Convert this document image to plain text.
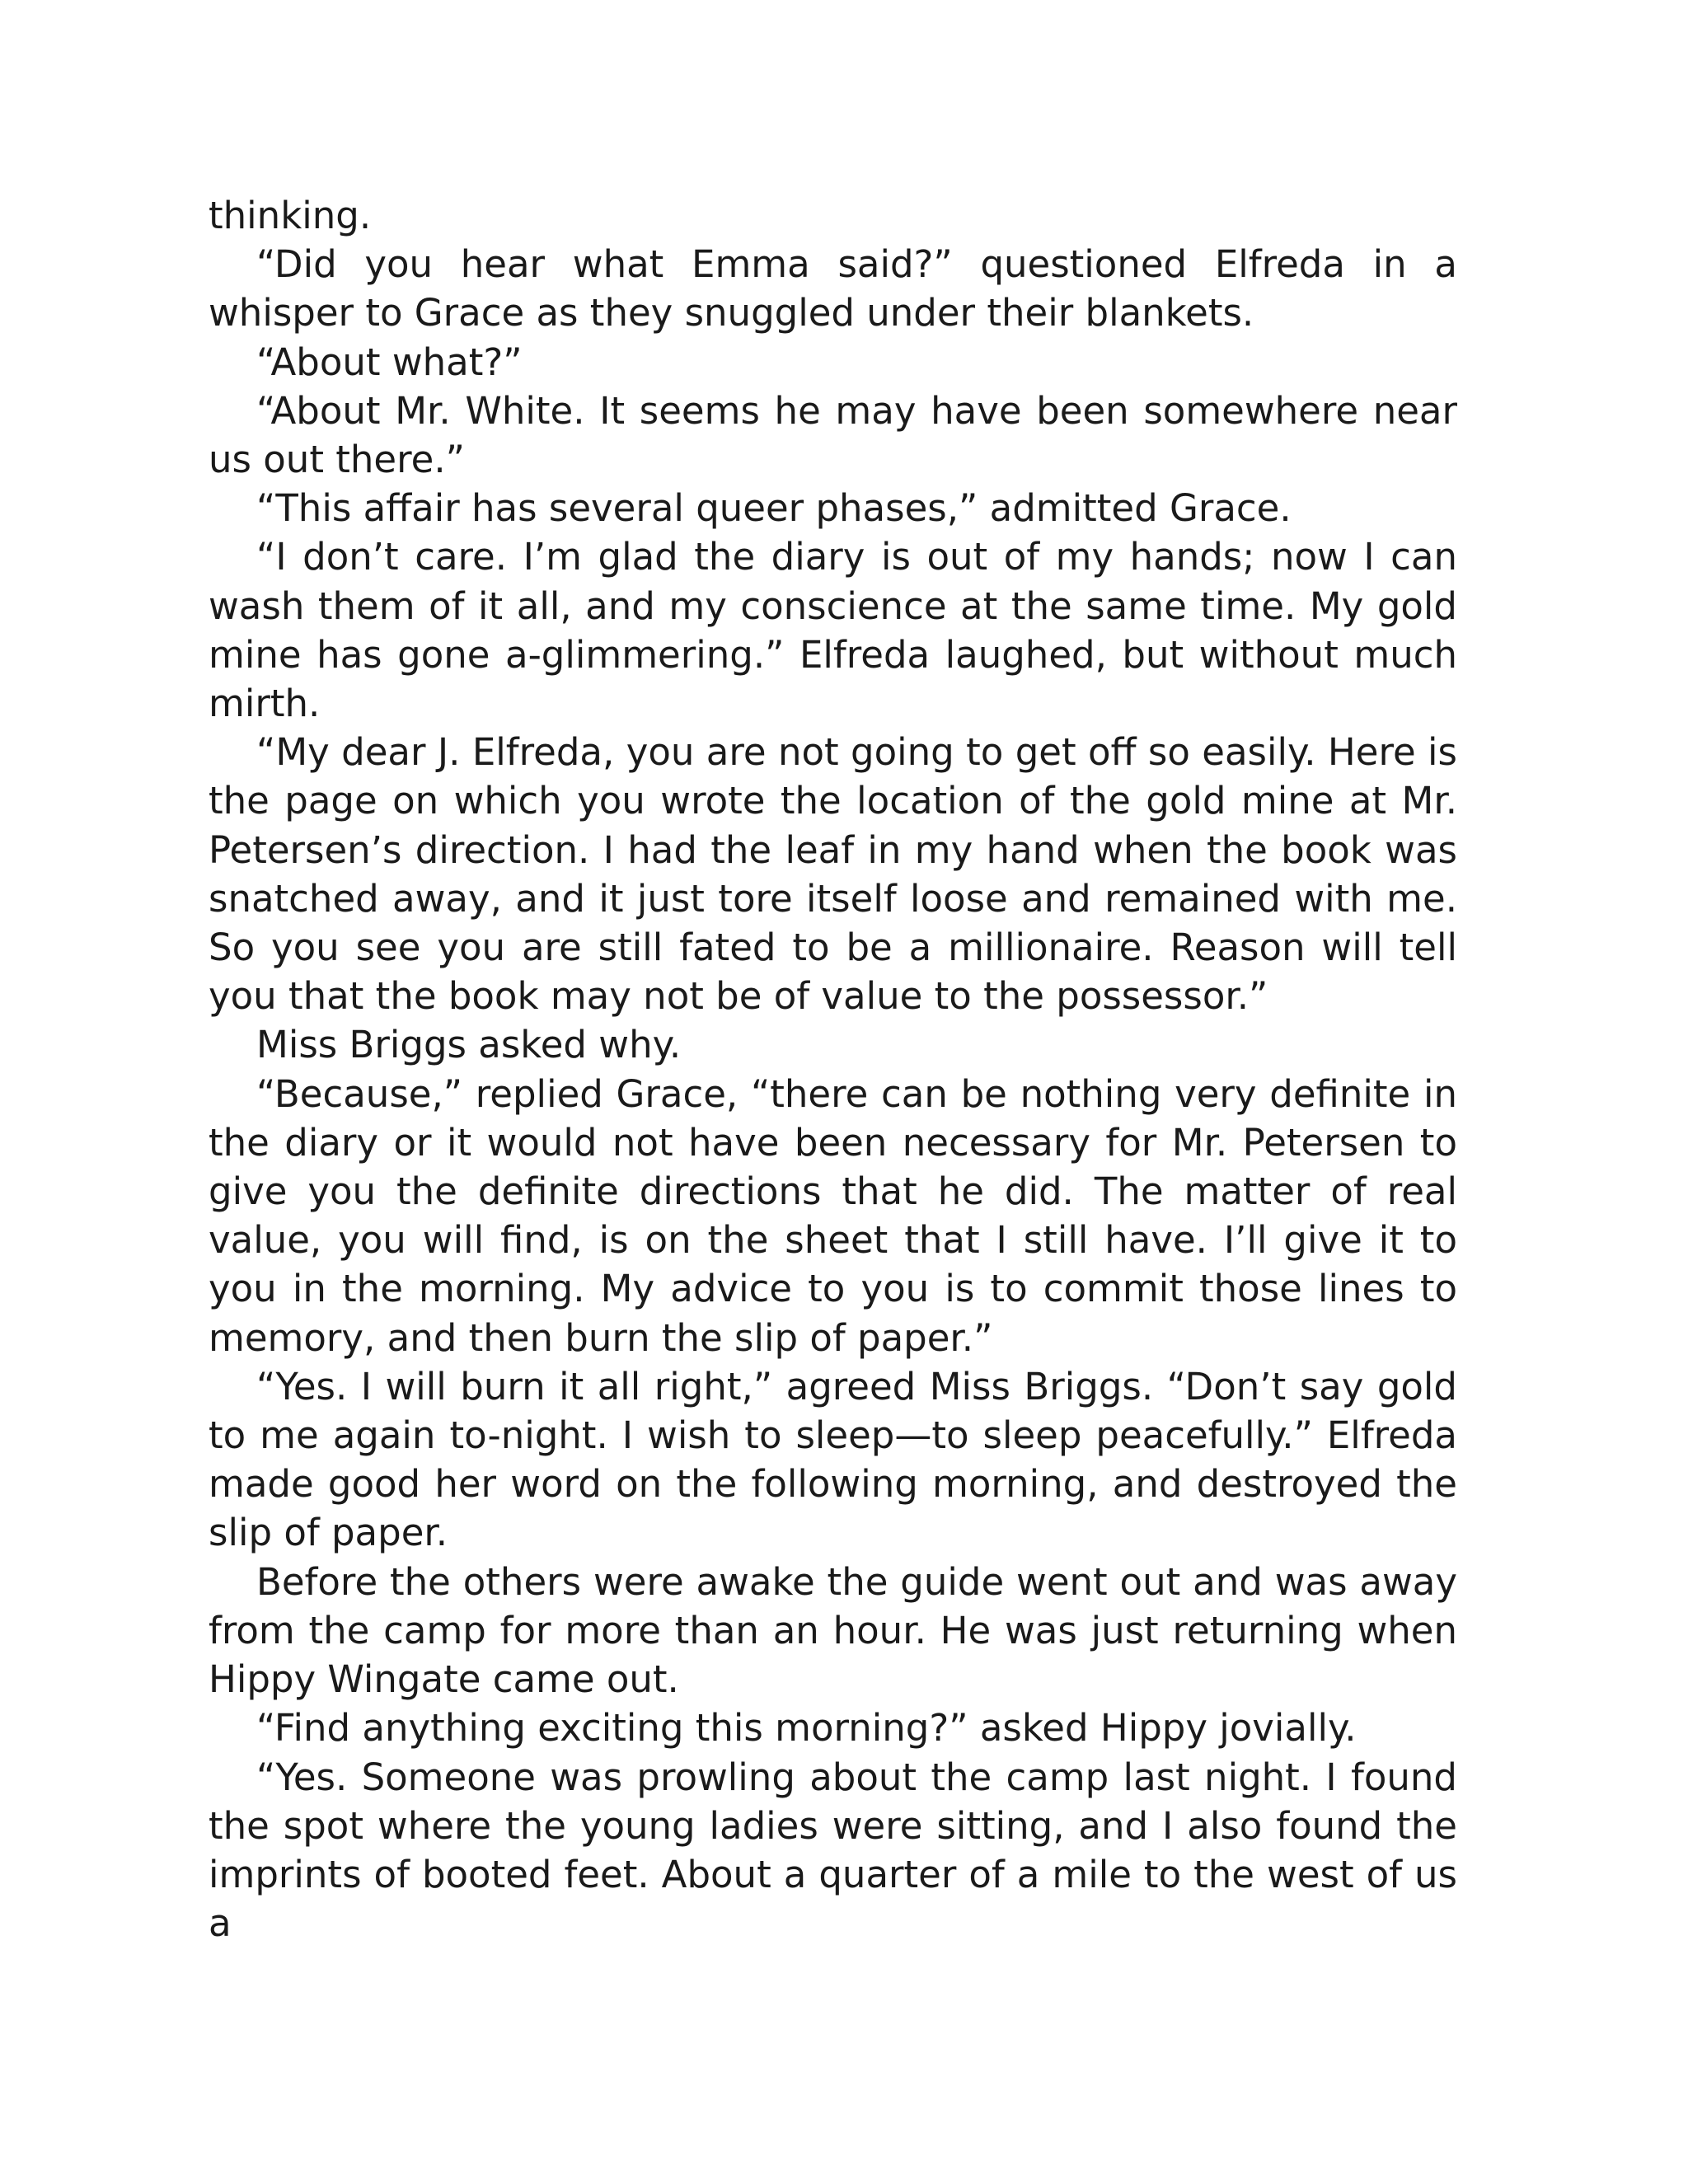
thinking.

“Did you hear what Emma said?” questioned Elfreda in a whisper to Grace as they snuggled under their blankets.

“About what?”

“About Mr. White. It seems he may have been somewhere near us out there.”

“This affair has several queer phases,” admitted Grace.

“I don’t care. I’m glad the diary is out of my hands; now I can wash them of it all, and my conscience at the same time. My gold mine has gone a-glimmering.” Elfreda laughed, but without much mirth.

“My dear J. Elfreda, you are not going to get off so easily. Here is the page on which you wrote the location of the gold mine at Mr. Petersen’s direction. I had the leaf in my hand when the book was snatched away, and it just tore itself loose and remained with me. So you see you are still fated to be a millionaire. Reason will tell you that the book may not be of value to the possessor.”

Miss Briggs asked why.

“Because,” replied Grace, “there can be nothing very definite in the diary or it would not have been necessary for Mr. Petersen to give you the definite directions that he did. The matter of real value, you will find, is on the sheet that I still have. I’ll give it to you in the morning. My advice to you is to commit those lines to memory, and then burn the slip of paper.”

“Yes. I will burn it all right,” agreed Miss Briggs. “Don’t say gold to me again to-night. I wish to sleep—to sleep peacefully.” Elfreda made good her word on the following morning, and destroyed the slip of paper.

Before the others were awake the guide went out and was away from the camp for more than an hour. He was just returning when Hippy Wingate came out.

“Find anything exciting this morning?” asked Hippy jovially.

“Yes. Someone was prowling about the camp last night. I found the spot where the young ladies were sitting, and I also found the imprints of booted feet. About a quarter of a mile to the west of us a
